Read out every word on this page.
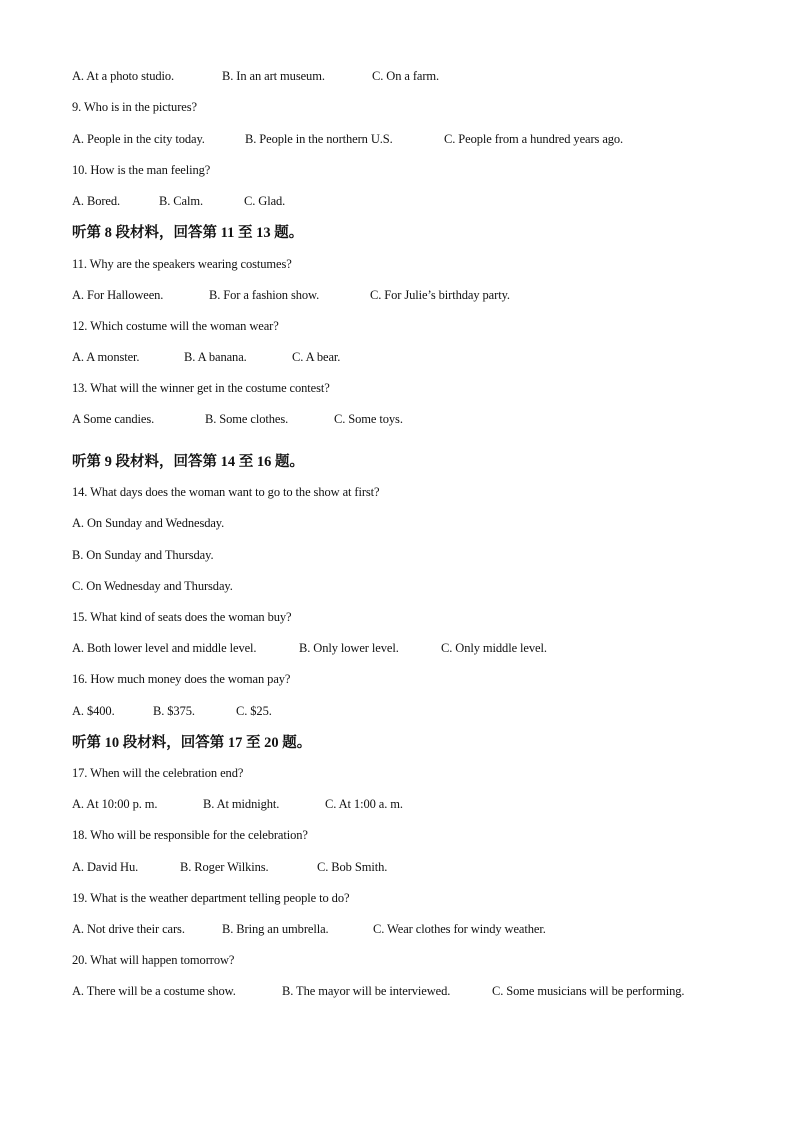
A. At a photo studio.	B. In an art museum.	C. On a farm.
9. Who is in the pictures?
A. People in the city today.	B. People in the northern U.S.	C. People from a hundred years ago.
10. How is the man feeling?
A. Bored.	B. Calm.	C. Glad.
听第 8 段材料，回答第 11 至 13 题。
11. Why are the speakers wearing costumes?
A. For Halloween.	B. For a fashion show.	C. For Julie’s birthday party.
12. Which costume will the woman wear?
A. A monster.	B. A banana.	C. A bear.
13. What will the winner get in the costume contest?
A Some candies.	B. Some clothes.	C. Some toys.
听第 9 段材料，回答第 14 至 16 题。
14. What days does the woman want to go to the show at first?
A. On Sunday and Wednesday.
B. On Sunday and Thursday.
C. On Wednesday and Thursday.
15. What kind of seats does the woman buy?
A. Both lower level and middle level.	B. Only lower level.	C. Only middle level.
16. How much money does the woman pay?
A. $400.	B. $375.	C. $25.
听第 10 段材料，回答第 17 至 20 题。
17. When will the celebration end?
A. At 10:00 p. m.	B. At midnight.	C. At 1:00 a. m.
18. Who will be responsible for the celebration?
A. David Hu.	B. Roger Wilkins.	C. Bob Smith.
19. What is the weather department telling people to do?
A. Not drive their cars.	B. Bring an umbrella.	C. Wear clothes for windy weather.
20. What will happen tomorrow?
A. There will be a costume show.	B. The mayor will be interviewed.	C. Some musicians will be performing.
